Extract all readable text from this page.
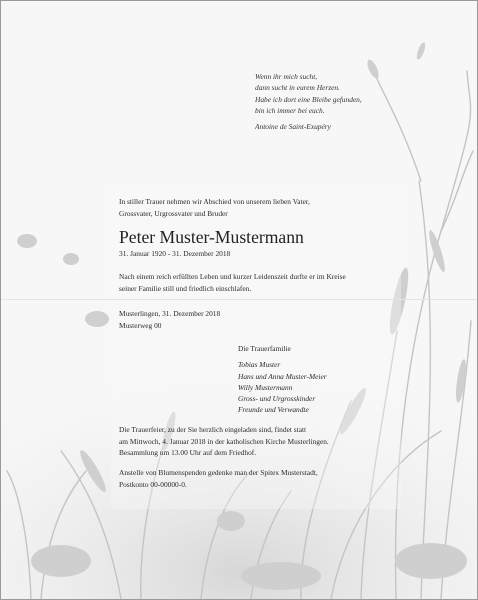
Wenn ihr mich sucht,
dann sucht in eurem Herzen.
Habe ich dort eine Bleibe gefunden,
bin ich immer bei euch.
Antoine de Saint-Exupéry
In stiller Trauer nehmen wir Abschied von unserem lieben Vater,
Grossvater, Urgrossvater und Bruder
Peter Muster-Mustermann
31. Januar 1920 - 31. Dezember 2018
Nach einem reich erfüllten Leben und kurzer Leidenszeit durfte er im Kreise
seiner Familie still und friedlich einschlafen.
Musterlingen, 31. Dezember 2018
Musterweg 00
Die Trauerfamilie
Tobias Muster
Hans und Anna Muster-Meier
Willy Mustermann
Gross- und Urgrosskinder
Freunde und Verwandte
Die Trauerfeier, zu der Sie herzlich eingeladen sind, findet statt
am Mittwoch, 4. Januar 2018 in der katholischen Kirche Musterlingen.
Besammlung um 13.00 Uhr auf dem Friedhof.
Anstelle von Blumenspenden gedenke man der Spitex Musterstadt,
Postkonto 00-00000-0.
